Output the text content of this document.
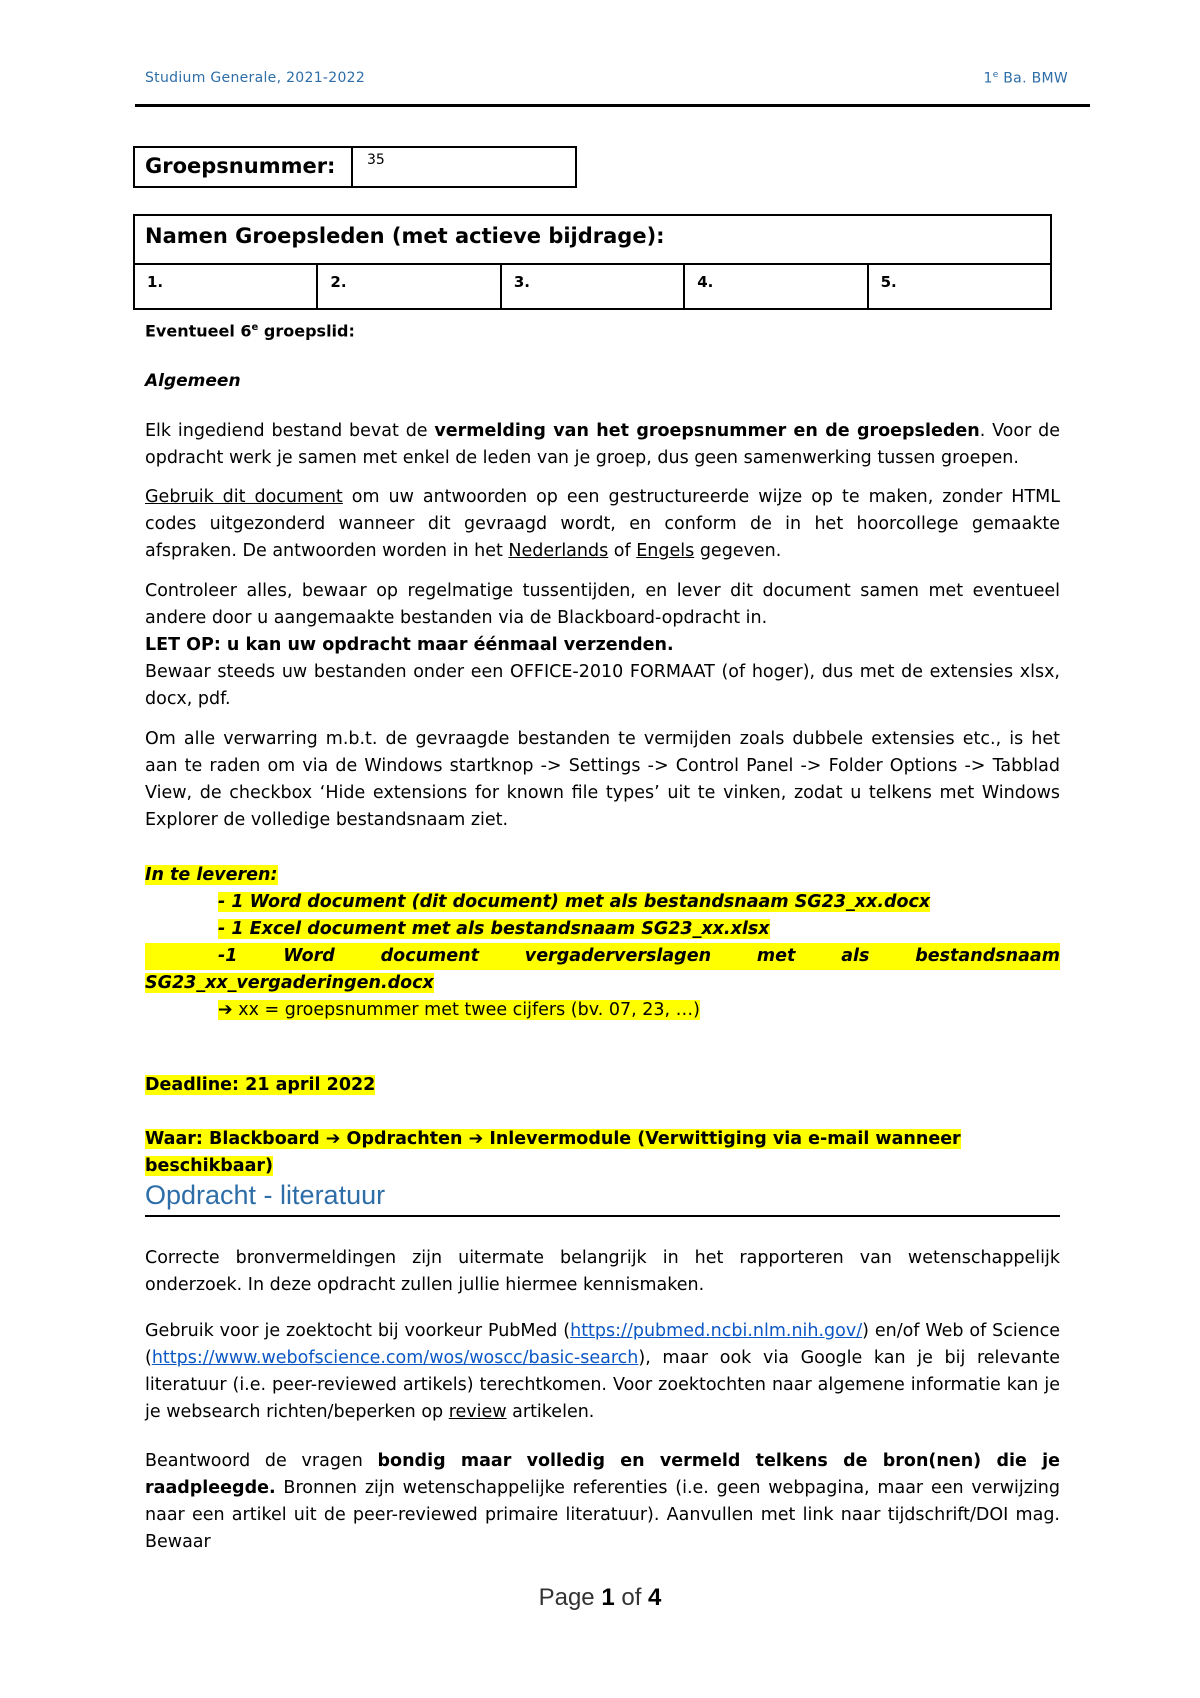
Studium Generale, 2021-2022	1e Ba. BMW
Groepsnummer:	35
Namen Groepsleden (met actieve bijdrage):
1.	2.	3.	4.	5.
Eventueel 6e groepslid:
Algemeen
Elk ingediend bestand bevat de vermelding van het groepsnummer en de groepsleden. Voor de opdracht werk je samen met enkel de leden van je groep, dus geen samenwerking tussen groepen.
Gebruik dit document om uw antwoorden op een gestructureerde wijze op te maken, zonder HTML codes uitgezonderd wanneer dit gevraagd wordt, en conform de in het hoorcollege gemaakte afspraken. De antwoorden worden in het Nederlands of Engels gegeven.
Controleer alles, bewaar op regelmatige tussentijden, en lever dit document samen met eventueel andere door u aangemaakte bestanden via de Blackboard-opdracht in.
LET OP: u kan uw opdracht maar éénmaal verzenden.
Bewaar steeds uw bestanden onder een OFFICE-2010 FORMAAT (of hoger), dus met de extensies xlsx, docx, pdf.
Om alle verwarring m.b.t. de gevraagde bestanden te vermijden zoals dubbele extensies etc., is het aan te raden om via de Windows startknop -> Settings -> Control Panel -> Folder Options -> Tabblad View, de checkbox ‘Hide extensions for known file types’ uit te vinken, zodat u telkens met Windows Explorer de volledige bestandsnaam ziet.
In te leveren:
- 1 Word document (dit document) met als bestandsnaam SG23_xx.docx
- 1 Excel document met als bestandsnaam SG23_xx.xlsx
-1	Word	document	vergaderverslagen	met	als	bestandsnaam
SG23_xx_vergaderingen.docx
➔ xx = groepsnummer met twee cijfers (bv. 07, 23, …)
Deadline: 21 april 2022
Waar: Blackboard ➔ Opdrachten ➔ Inlevermodule (Verwittiging via e-mail wanneer beschikbaar)
Opdracht - literatuur
Correcte bronvermeldingen zijn uitermate belangrijk in het rapporteren van wetenschappelijk onderzoek. In deze opdracht zullen jullie hiermee kennismaken.
Gebruik voor je zoektocht bij voorkeur PubMed (https://pubmed.ncbi.nlm.nih.gov/) en/of Web of Science (https://www.webofscience.com/wos/woscc/basic-search), maar ook via Google kan je bij relevante literatuur (i.e. peer-reviewed artikels) terechtkomen. Voor zoektochten naar algemene informatie kan je je websearch richten/beperken op review artikelen.
Beantwoord de vragen bondig maar volledig en vermeld telkens de bron(nen) die je raadpleegde. Bronnen zijn wetenschappelijke referenties (i.e. geen webpagina, maar een verwijzing naar een artikel uit de peer-reviewed primaire literatuur). Aanvullen met link naar tijdschrift/DOI mag. Bewaar
Page 1 of 4
